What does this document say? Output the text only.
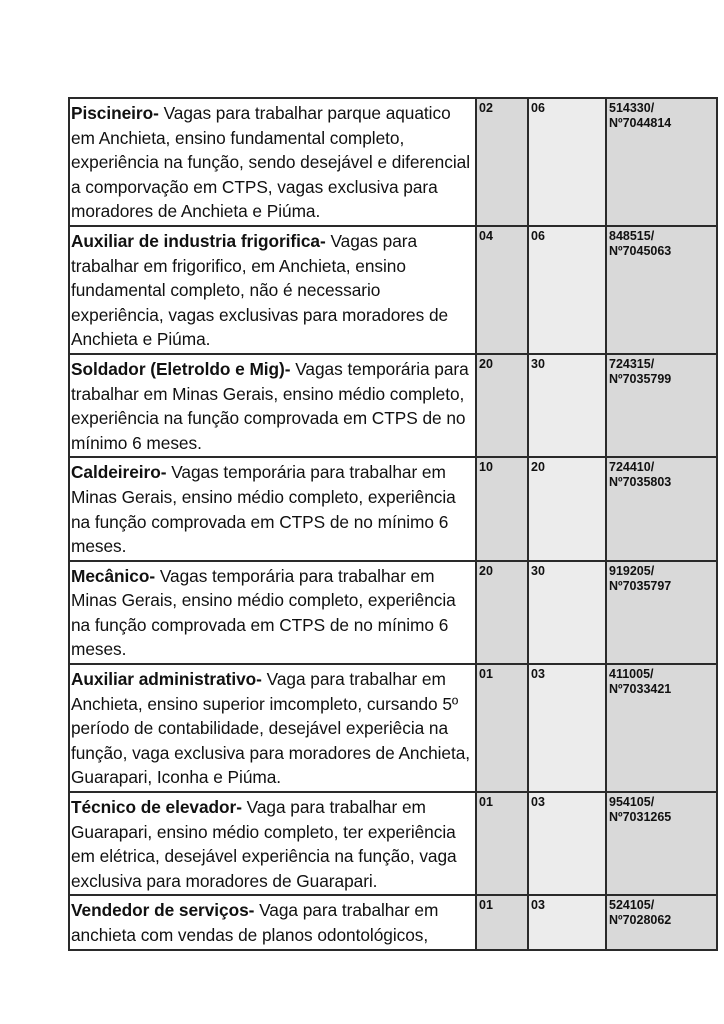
Piscineiro- Vagas para trabalhar parque aquatico em Anchieta, ensino fundamental completo, experiência na função, sendo desejável e diferencial a comporvação em CTPS, vagas exclusiva para moradores de Anchieta e Piúma.	02	06	514330/
Nº7044814

Auxiliar de industria frigorifica- Vagas para trabalhar em frigorifico, em Anchieta, ensino fundamental completo, não é necessario experiência, vagas exclusivas para moradores de Anchieta e Piúma.	04	06	848515/
Nº7045063

Soldador (Eletroldo e Mig)- Vagas temporária para trabalhar em Minas Gerais, ensino médio completo, experiência na função comprovada em CTPS de no mínimo 6 meses.	20	30	724315/
Nº7035799

Caldeireiro- Vagas temporária para trabalhar em Minas Gerais, ensino médio completo, experiência na função comprovada em CTPS de no mínimo 6 meses.	10	20	724410/
Nº7035803

Mecânico- Vagas temporária para trabalhar em Minas Gerais, ensino médio completo, experiência na função comprovada em CTPS de no mínimo 6 meses.	20	30	919205/
Nº7035797

Auxiliar administrativo- Vaga para trabalhar em Anchieta, ensino superior imcompleto, cursando 5º período de contabilidade, desejável experiêcia na função, vaga exclusiva para moradores de Anchieta, Guarapari, Iconha e Piúma.	01	03	411005/
Nº7033421

Técnico de elevador- Vaga para trabalhar em Guarapari, ensino médio completo, ter experiência em elétrica, desejável experiência na função, vaga exclusiva para moradores de Guarapari.	01	03	954105/
Nº7031265

Vendedor de serviços- Vaga para trabalhar em anchieta com vendas de planos odontológicos,	01	03	524105/
Nº7028062
